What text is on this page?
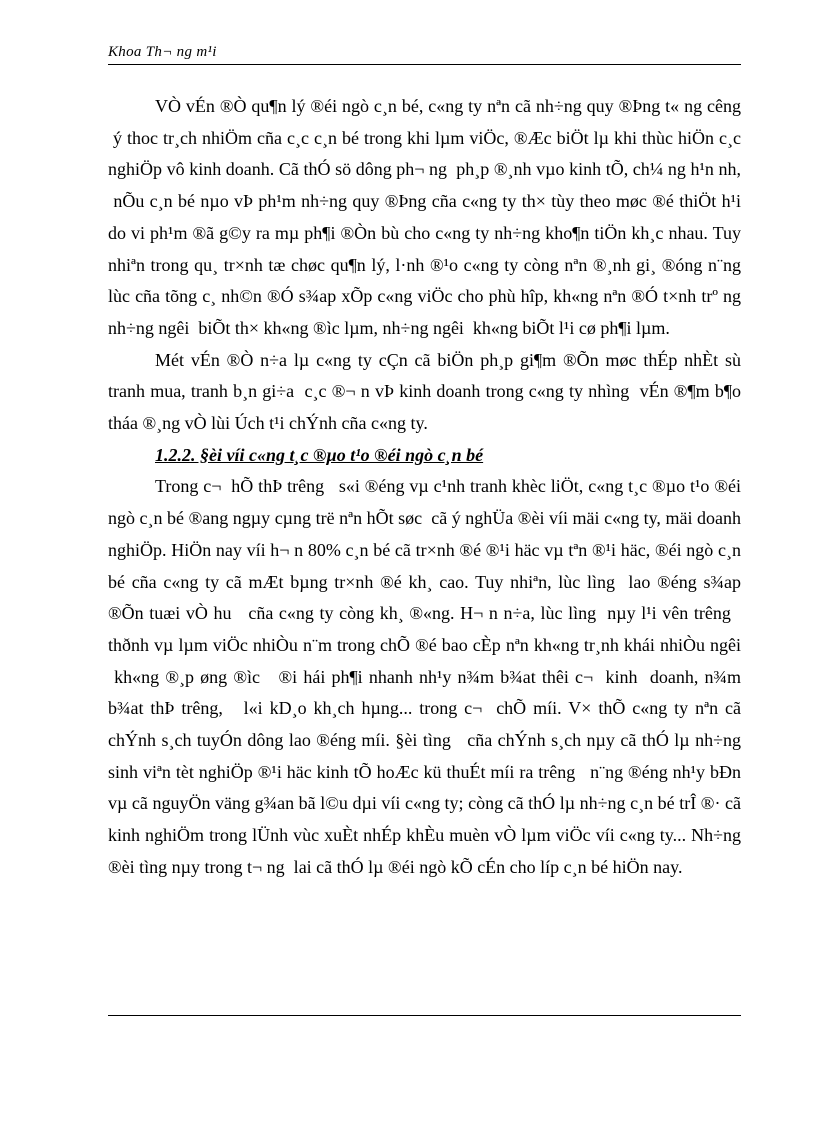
Khoa Th¬ ng m¹i

VÒ vÉn ®Ò qu¶n lý ®éi ngò c¸n bé, c«ng ty nªn cã nh÷ng quy ®Þng t« ng cêng  ý thoc tr¸ch nhiÖm cña c¸c c¸n bé trong khi lµm viÖc, ®Æc biÖt lµ khi thùc hiÖn c¸c nghiÖp vô kinh doanh. Cã thÓ sö dông ph¬ ng  ph¸p ®¸nh vµo kinh tÕ, ch¼ ng h¹n nh,  nÕu c¸n bé nµo vÞ ph¹m nh÷ng quy ®Þng cña c«ng ty th× tùy theo møc ®é thiÖt h¹i do vi ph¹m ®ã g©y ra mµ ph¶i ®Òn bù cho c«ng ty nh÷ng kho¶n tiÖn kh¸c nhau. Tuy nhiªn trong qu¸ tr×nh tæ chøc qu¶n lý, l·nh ®¹o c«ng ty còng nªn ®¸nh gi¸ ®óng n¨ng lùc cña tõng c¸ nh©n ®Ó s¾ap xÕp c«ng viÖc cho phù hîp, kh«ng nªn ®Ó t×nh trº ng nh÷ng ngêi  biÕt th× kh«ng ®ìc lµm, nh÷ng ngêi  kh«ng biÕt l¹i cø ph¶i lµm.

Mét vÉn ®Ò n÷a lµ c«ng ty cÇn cã biÖn ph¸p gi¶m ®Õn møc thÉp nhÈt sù tranh mua, tranh b¸n gi÷a  c¸c ®¬ n vÞ kinh doanh trong c«ng ty nhìng  vÉn ®¶m b¶o tháa ®¸ng vÒ lùi Úch t¹i chÝnh cña c«ng ty.

1.2.2. §èi víi c«ng t¸c ®µo t¹o ®éi ngò c¸n bé

Trong c¬  hÕ thÞ trêng   s«i ®éng vµ c¹nh tranh khèc liÖt, c«ng t¸c ®µo t¹o ®éi ngò c¸n bé ®ang ngµy cµng trë nªn hÕt søc  cã ý nghÜa ®èi víi mäi c«ng ty, mäi doanh nghiÖp. HiÖn nay víi h¬ n 80% c¸n bé cã tr×nh ®é ®¹i häc vµ tªn ®¹i häc, ®éi ngò c¸n bé cña c«ng ty cã mÆt bµng tr×nh ®é kh¸ cao. Tuy nhiªn, lùc lìng  lao ®éng s¾ap ®Õn tuæi vÒ hu   cña c«ng ty còng kh¸ ®«ng. H¬ n n÷a, lùc lìng  nµy l¹i vên trêng   thðnh vµ lµm viÖc nhiÒu n¨m trong chÕ ®é bao cÈp nªn kh«ng tr¸nh khái nhiÒu ngêi  kh«ng ®¸p øng ®ìc   ®i hái ph¶i nhanh nh¹y n¾m b¾at thêi c¬  kinh  doanh, n¾m b¾at thÞ trêng,   l«i kD¸o kh¸ch hµng... trong c¬  chÕ míi. V× thÕ c«ng ty nªn cã chÝnh s¸ch tuyÓn dông lao ®éng míi. §èi tìng   cña chÝnh s¸ch nµy cã thÓ lµ nh÷ng sinh viªn tèt nghiÖp ®¹i häc kinh tÕ hoÆc kü thuÉt míi ra trêng   n¨ng ®éng nh¹y bÐn vµ cã nguyÖn väng g¾an bã l©u dµi víi c«ng ty; còng cã thÓ lµ nh÷ng c¸n bé trÎ ®· cã kinh nghiÖm trong lÜnh vùc xuÈt nhÉp khÈu muèn vÒ lµm viÖc víi c«ng ty... Nh÷ng ®èi tìng nµy trong t¬ ng  lai cã thÓ lµ ®éi ngò kÕ cÉn cho líp c¸n bé hiÖn nay.
